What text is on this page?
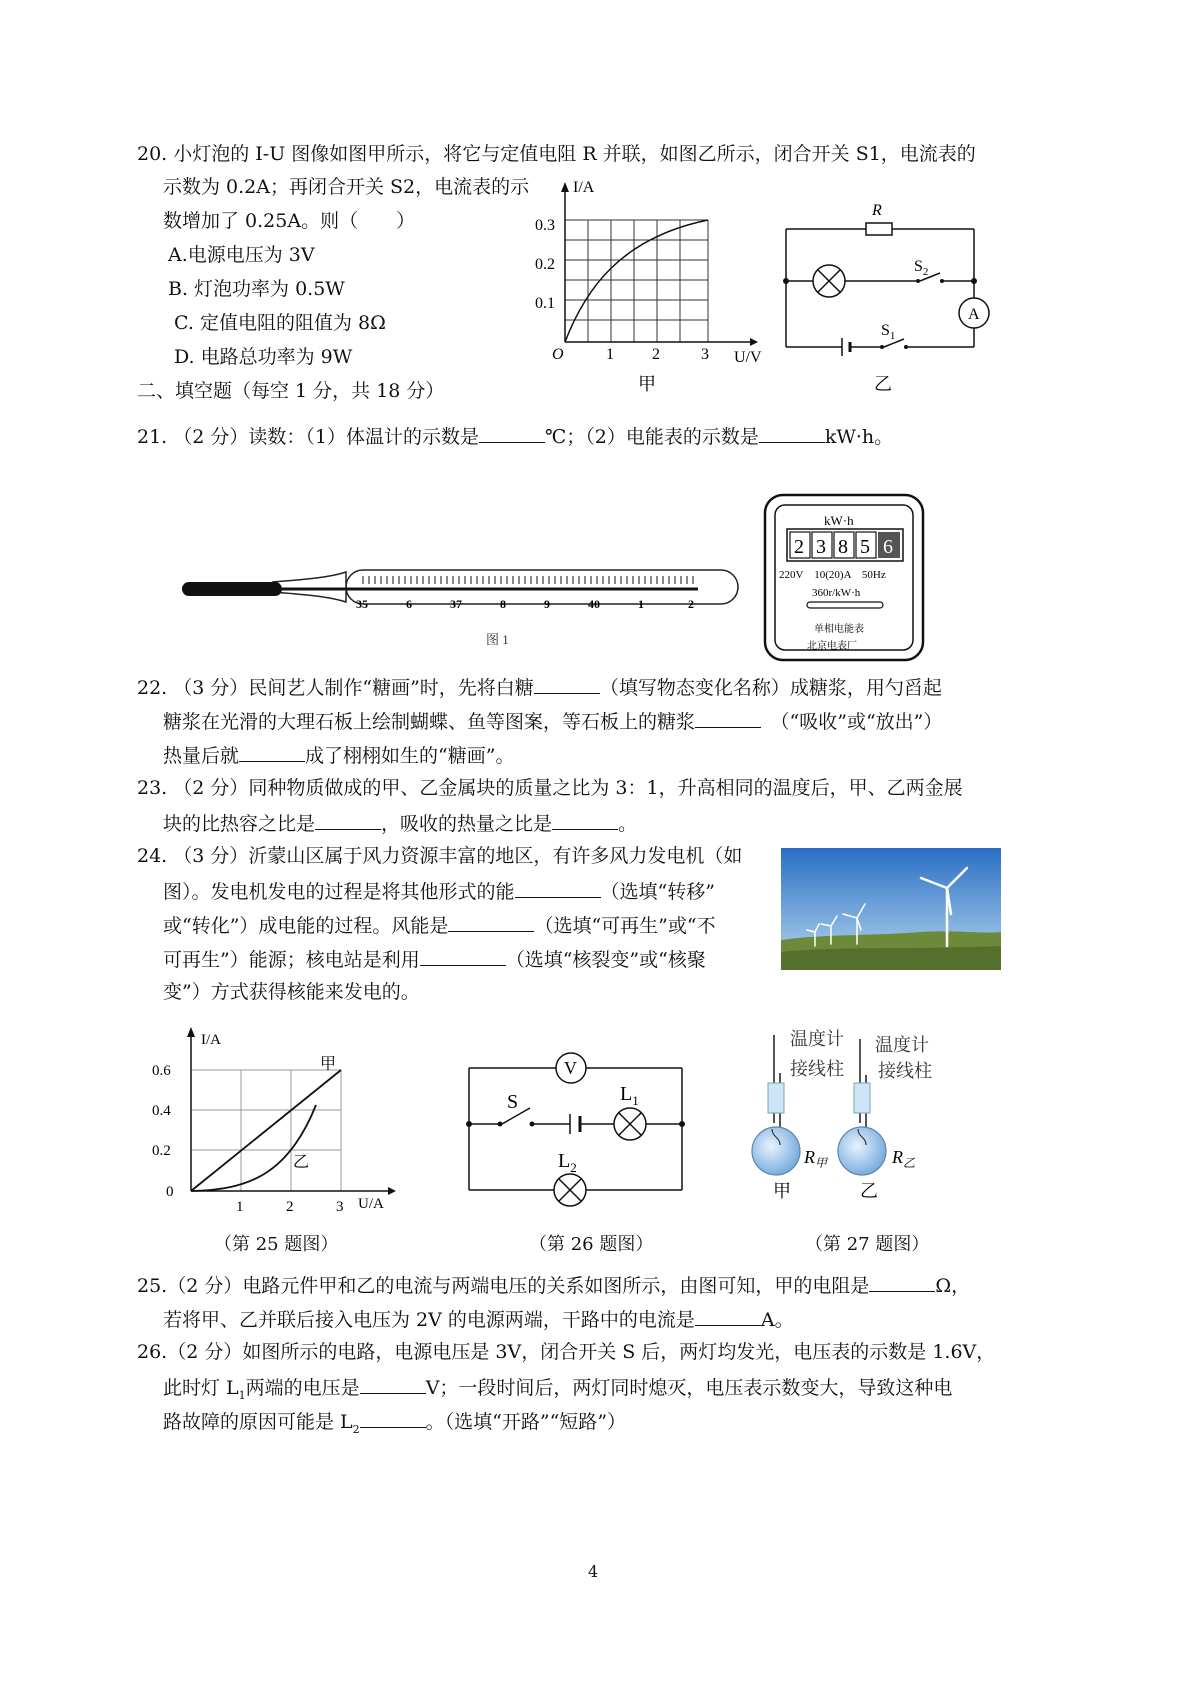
20. 小灯泡的 I-U 图像如图甲所示，将它与定值电阻 R 并联，如图乙所示，闭合开关 S1，电流表的
示数为 0.2A；再闭合开关 S2，电流表的示
数增加了 0.25A。则（　　）
A.电源电压为 3V
B. 灯泡功率为 0.5W
C. 定值电阻的阻值为 8Ω
D. 电路总功率为 9W
I/A
U/V
O
0.3
0.2
0.1
1 2	3
甲
R
$S_2$
$S_1$
A
乙
二、填空题（每空 1 分，共 18 分）
21. （2 分）读数：（1）体温计的示数是	℃；（2）电能表的示数是	kW·h。
35	6	37	8	9	40	1	2
图 1
kW·h
2 3 8 5 6
220V　10(20)A　50Hz
360r/kW·h
单相电能表
北京电表厂
22. （3 分）民间艺人制作“糖画”时，先将白糖	（填写物态变化名称）成糖浆，用勺舀起
糖浆在光滑的大理石板上绘制蝴蝶、鱼等图案，等石板上的糖浆　	（“吸收”或“放出”）
热量后就	成了栩栩如生的“糖画”。
23. （2 分）同种物质做成的甲、乙金属块的质量之比为 3：1，升高相同的温度后，甲、乙两金展
块的比热容之比是	，吸收的热量之比是	。
24. （3 分）沂蒙山区属于风力资源丰富的地区，有许多风力发电机（如
图）。发电机发电的过程是将其他形式的能	（选填“转移”
或“转化”）成电能的过程。风能是	（选填“可再生”或“不
可再生”）能源；核电站是利用	（选填“核裂变”或“核聚
变”）方式获得核能来发电的。
I/A
U/A
0
0.6
0.4
0.2
1	2	3
甲
乙
（第 25 题图）
V
S	$L_1$
$L_2$
（第 26 题图）
温度计
接线柱
温度计
接线柱
$R_甲$	$R_乙$
甲	乙
（第 27 题图）
25.（2 分）电路元件甲和乙的电流与两端电压的关系如图所示，由图可知，甲的电阻是	Ω，
若将甲、乙并联后接入电压为 2V 的电源两端，干路中的电流是	A。
26.（2 分）如图所示的电路，电源电压是 3V，闭合开关 S 后，两灯均发光，电压表的示数是 1.6V，
此时灯 $L_1$两端的电压是	V；一段时间后，两灯同时熄灭，电压表示数变大，导致这种电
路故障的原因可能是 $L_2$	。（选填“开路”“短路”）
4
